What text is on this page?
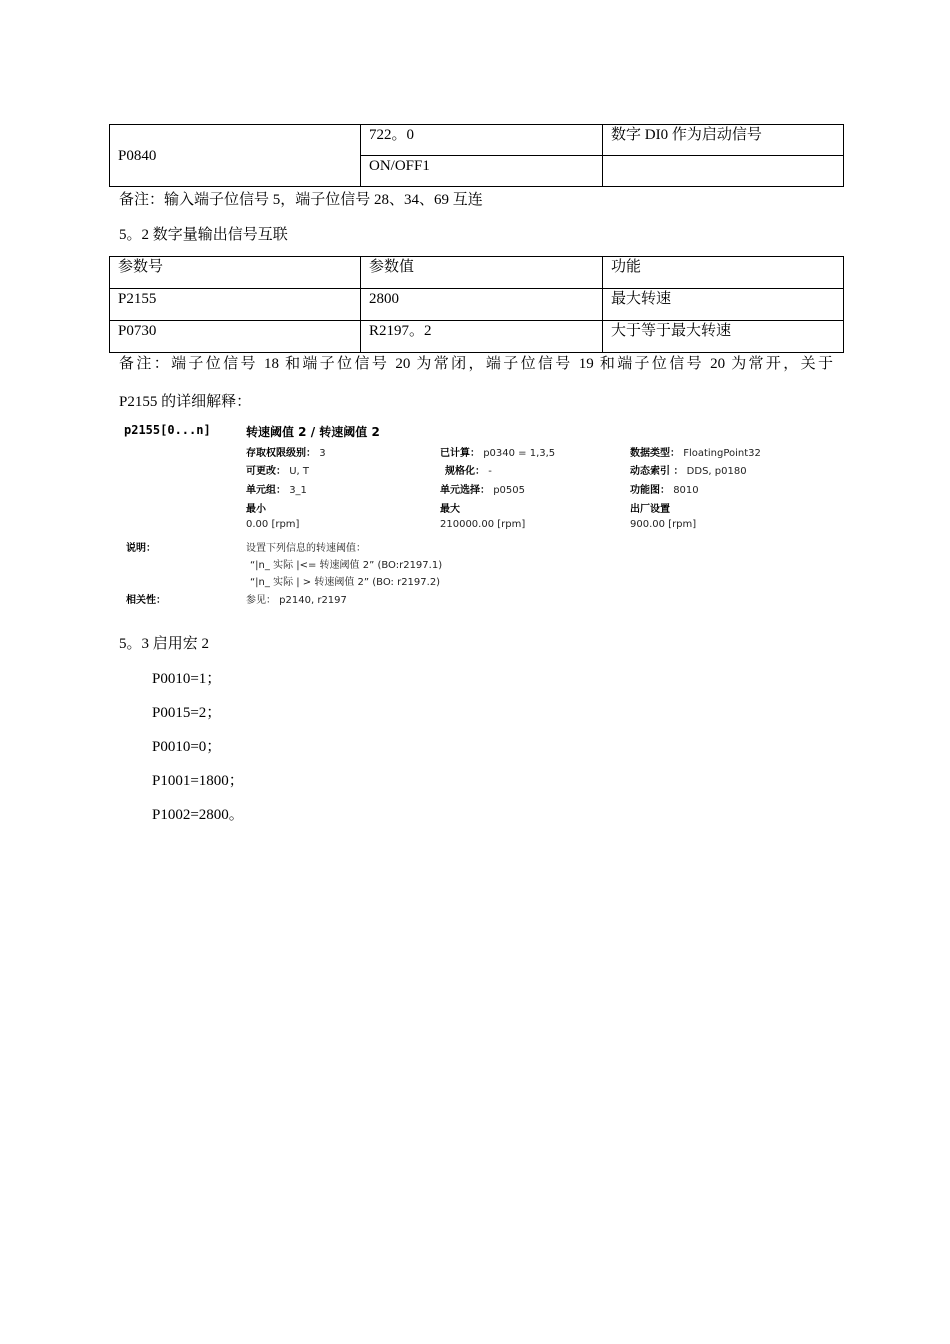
P0840	722。0	数字 DI0 作为启动信号
	ON/OFF1	
备注：输入端子位信号 5，端子位信号 28、34、69 互连
5。2 数字量输出信号互联
参数号	参数值	功能
P2155	2800	最大转速
P0730	R2197。2	大于等于最大转速
备注：端子位信号 18 和端子位信号 20 为常闭，端子位信号 19 和端子位信号 20 为常开，关于
P2155 的详细解释：
p2155[0...n]	转速阈值 2 / 转速阈值 2
存取权限级别： 3	已计算： p0340 = 1,3,5	数据类型： FloatingPoint32
可更改： U, T	规格化： -	动态索引 ： DDS, p0180
单元组： 3_1	单元选择： p0505	功能图： 8010
最小	最大	出厂设置
0.00 [rpm]	210000.00 [rpm]	900.00 [rpm]
说明：	设置下列信息的转速阈值：
“|n_ 实际 |<= 转速阈值 2” (BO:r2197.1)
“|n_ 实际 | > 转速阈值 2” (BO: r2197.2)
相关性：	参见： p2140, r2197
5。3 启用宏 2
P0010=1；
P0015=2；
P0010=0；
P1001=1800；
P1002=2800。
